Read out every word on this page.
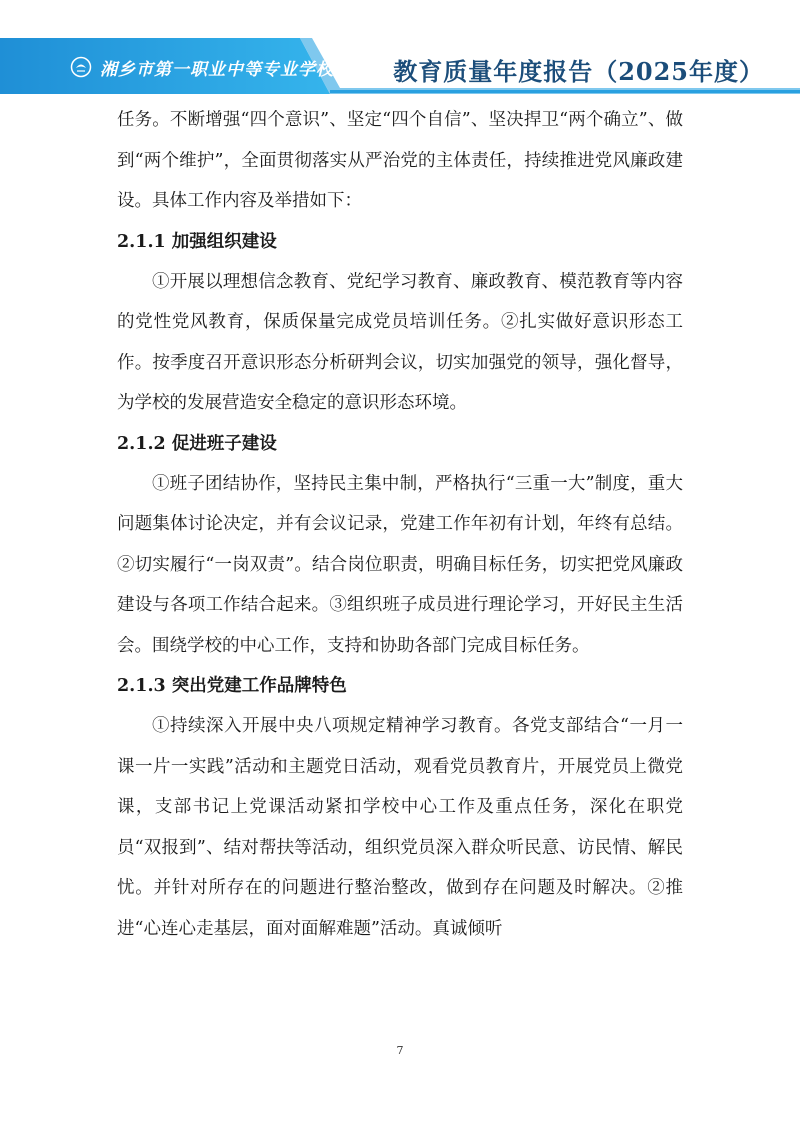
湘乡市第一职业中等专业学校 教育质量年度报告（2025年度）

任务。不断增强“四个意识”、坚定“四个自信”、坚决捍卫“两个确立”、做到“两个维护”，全面贯彻落实从严治党的主体责任，持续推进党风廉政建设。具体工作内容及举措如下：

2.1.1 加强组织建设

①开展以理想信念教育、党纪学习教育、廉政教育、模范教育等内容的党性党风教育，保质保量完成党员培训任务。②扎实做好意识形态工作。按季度召开意识形态分析研判会议，切实加强党的领导，强化督导，为学校的发展营造安全稳定的意识形态环境。

2.1.2 促进班子建设

①班子团结协作，坚持民主集中制，严格执行“三重一大”制度，重大问题集体讨论决定，并有会议记录，党建工作年初有计划，年终有总结。②切实履行“一岗双责”。结合岗位职责，明确目标任务，切实把党风廉政建设与各项工作结合起来。③组织班子成员进行理论学习，开好民主生活会。围绕学校的中心工作，支持和协助各部门完成目标任务。

2.1.3 突出党建工作品牌特色

①持续深入开展中央八项规定精神学习教育。各党支部结合“一月一课一片一实践”活动和主题党日活动，观看党员教育片，开展党员上微党课，支部书记上党课活动紧扣学校中心工作及重点任务，深化在职党员“双报到”、结对帮扶等活动，组织党员深入群众听民意、访民情、解民忧。并针对所存在的问题进行整治整改，做到存在问题及时解决。②推进“心连心走基层，面对面解难题”活动。真诚倾听

7
